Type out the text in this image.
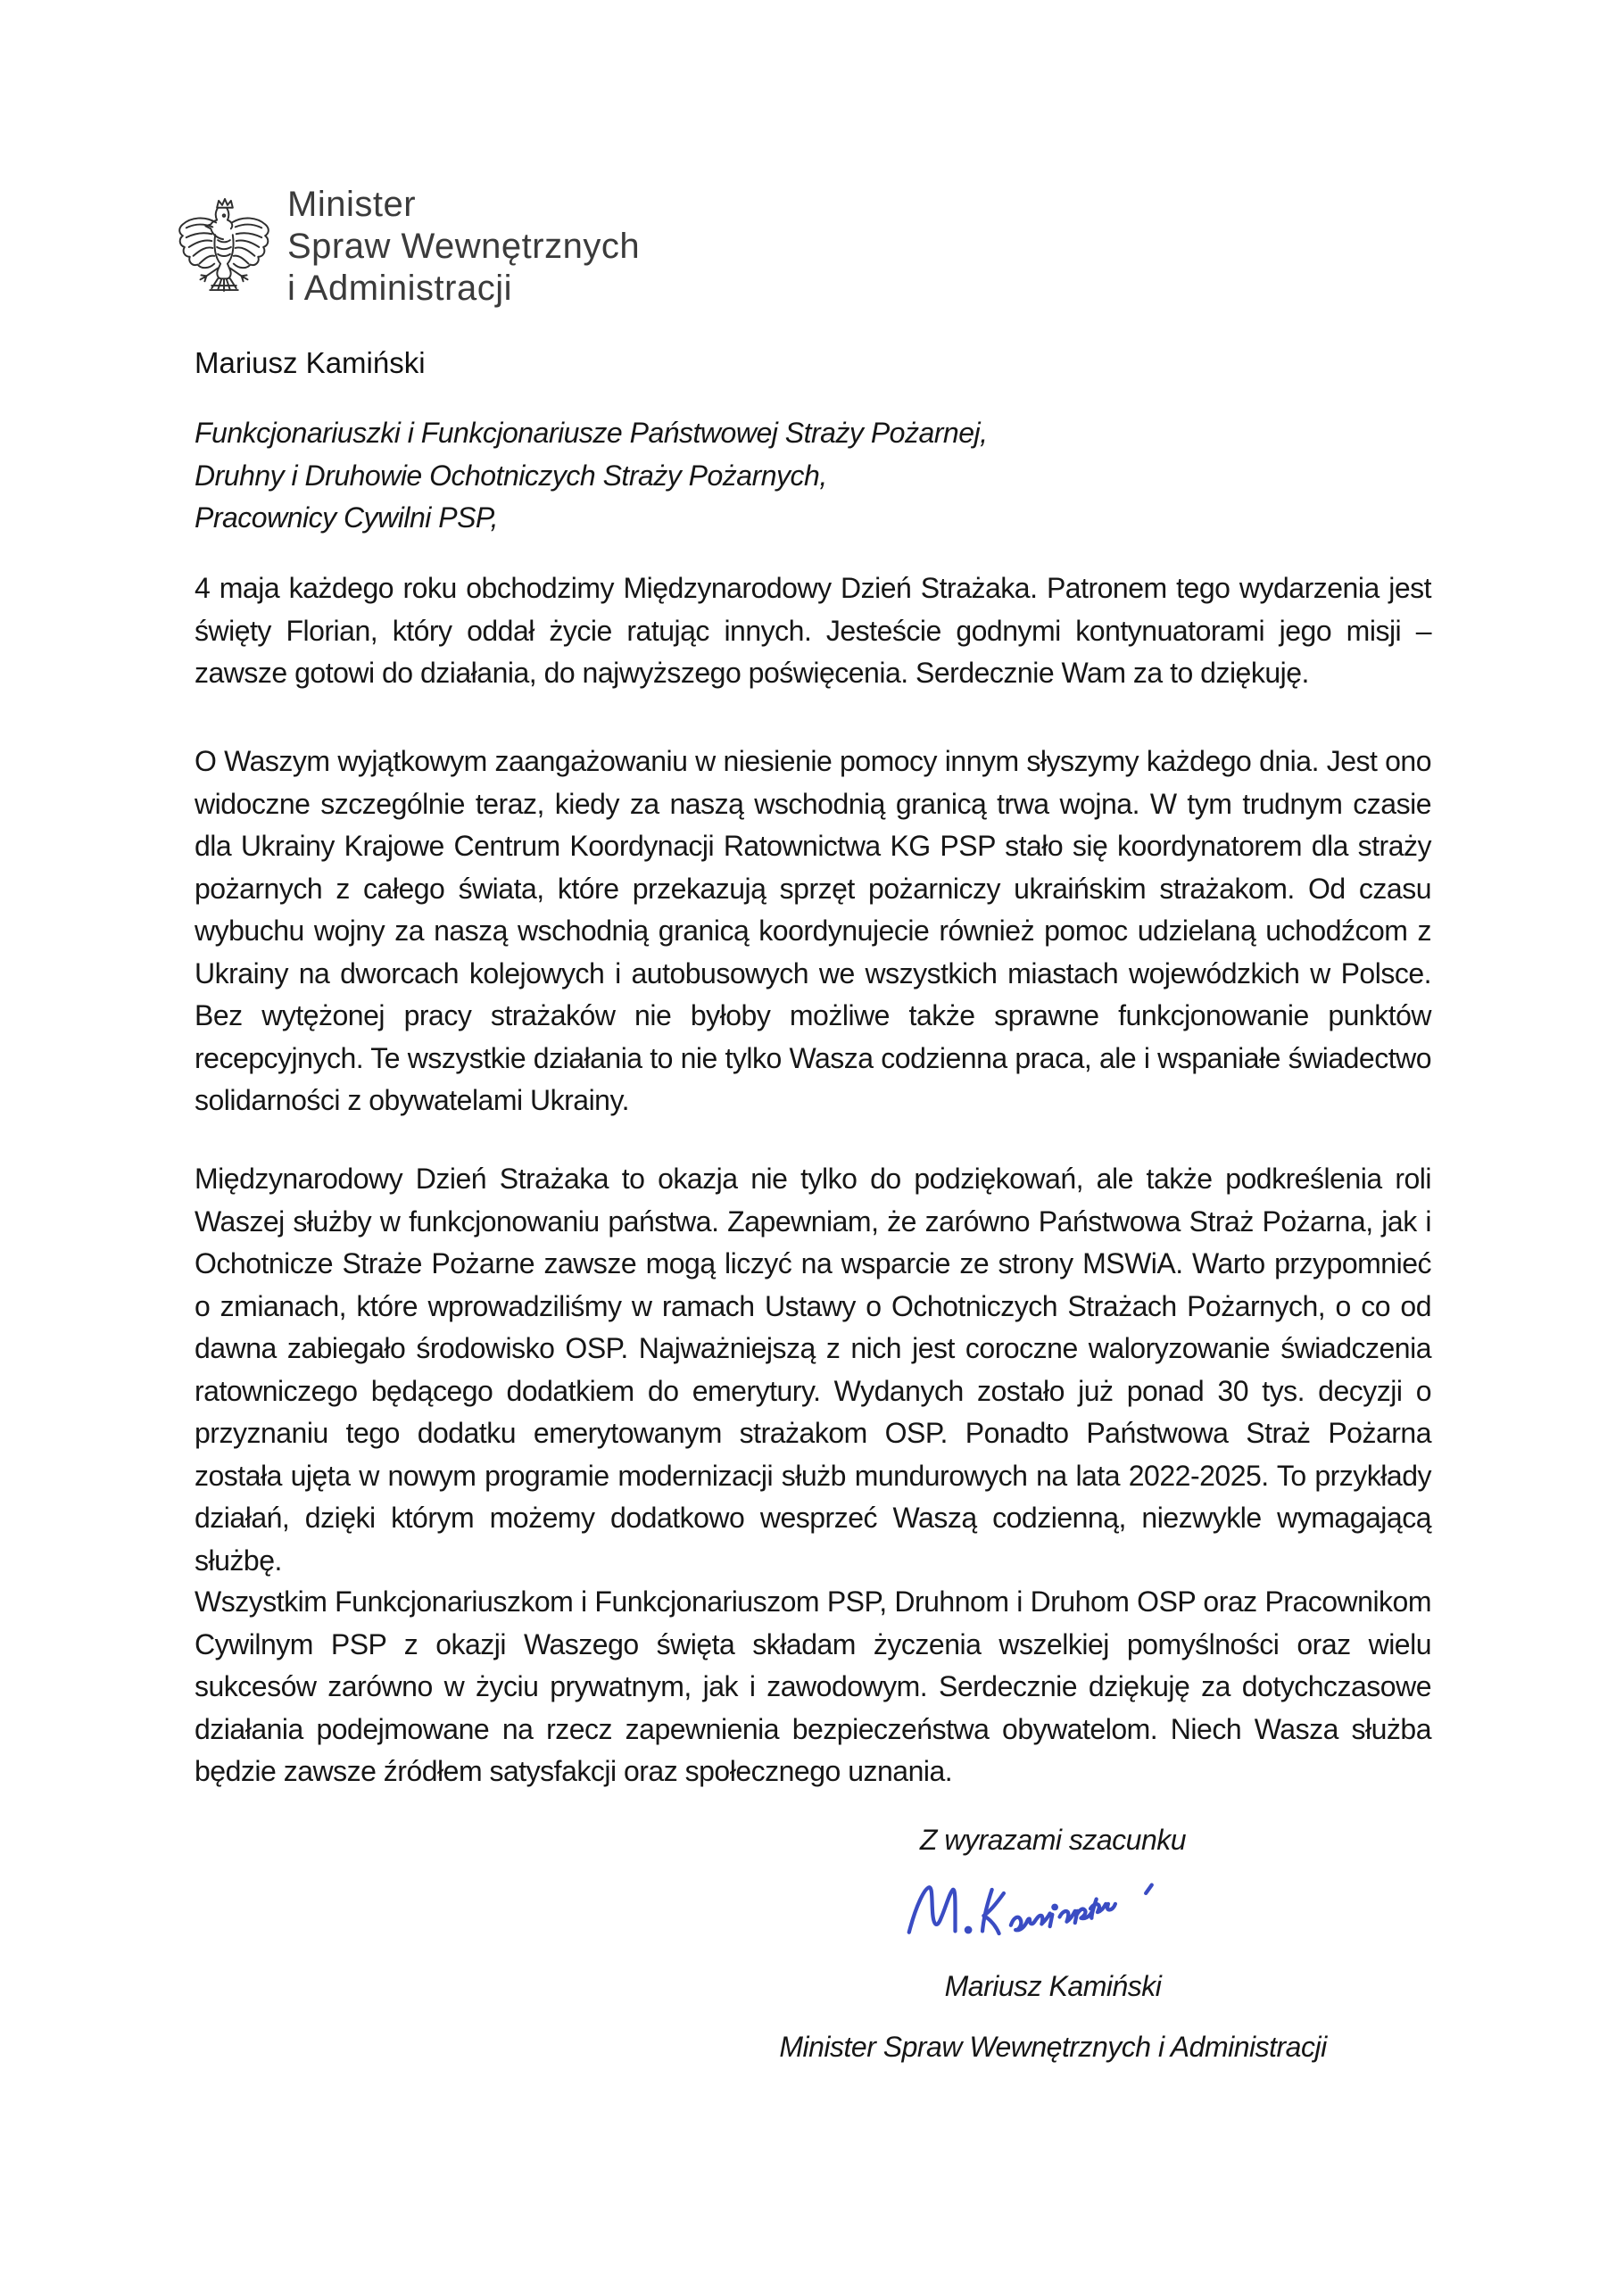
Minister
Spraw Wewnętrznych
i Administracji
Mariusz Kamiński
Funkcjonariuszki i Funkcjonariusze Państwowej Straży Pożarnej,
Druhny i Druhowie Ochotniczych Straży Pożarnych,
Pracownicy Cywilni PSP,

4 maja każdego roku obchodzimy Międzynarodowy Dzień Strażaka. Patronem tego wydarzenia jest święty Florian, który oddał życie ratując innych. Jesteście godnymi kontynuatorami jego misji – zawsze gotowi do działania, do najwyższego poświęcenia. Serdecznie Wam za to dziękuję.

O Waszym wyjątkowym zaangażowaniu w niesienie pomocy innym słyszymy każdego dnia. Jest ono widoczne szczególnie teraz, kiedy za naszą wschodnią granicą trwa wojna. W tym trudnym czasie dla Ukrainy Krajowe Centrum Koordynacji Ratownictwa KG PSP stało się koordynatorem dla straży pożarnych z całego świata, które przekazują sprzęt pożarniczy ukraińskim strażakom. Od czasu wybuchu wojny za naszą wschodnią granicą koordynujecie również pomoc udzielaną uchodźcom z Ukrainy na dworcach kolejowych i autobusowych we wszystkich miastach wojewódzkich w Polsce. Bez wytężonej pracy strażaków nie byłoby możliwe także sprawne funkcjonowanie punktów recepcyjnych. Te wszystkie działania to nie tylko Wasza codzienna praca, ale i wspaniałe świadectwo solidarności z obywatelami Ukrainy.

Międzynarodowy Dzień Strażaka to okazja nie tylko do podziękowań, ale także podkreślenia roli Waszej służby w funkcjonowaniu państwa. Zapewniam, że zarówno Państwowa Straż Pożarna, jak i Ochotnicze Straże Pożarne zawsze mogą liczyć na wsparcie ze strony MSWiA. Warto przypomnieć o zmianach, które wprowadziliśmy w ramach Ustawy o Ochotniczych Strażach Pożarnych, o co od dawna zabiegało środowisko OSP. Najważniejszą z nich jest coroczne waloryzowanie świadczenia ratowniczego będącego dodatkiem do emerytury. Wydanych zostało już ponad 30 tys. decyzji o przyznaniu tego dodatku emerytowanym strażakom OSP. Ponadto Państwowa Straż Pożarna została ujęta w nowym programie modernizacji służb mundurowych na lata 2022-2025. To przykłady działań, dzięki którym możemy dodatkowo wesprzeć Waszą codzienną, niezwykle wymagającą służbę.

Wszystkim Funkcjonariuszkom i Funkcjonariuszom PSP, Druhnom i Druhom OSP oraz Pracownikom Cywilnym PSP z okazji Waszego święta składam życzenia wszelkiej pomyślności oraz wielu sukcesów zarówno w życiu prywatnym, jak i zawodowym. Serdecznie dziękuję za dotychczasowe działania podejmowane na rzecz zapewnienia bezpieczeństwa obywatelom. Niech Wasza służba będzie zawsze źródłem satysfakcji oraz społecznego uznania.

Z wyrazami szacunku
Mariusz Kamiński
Minister Spraw Wewnętrznych i Administracji
